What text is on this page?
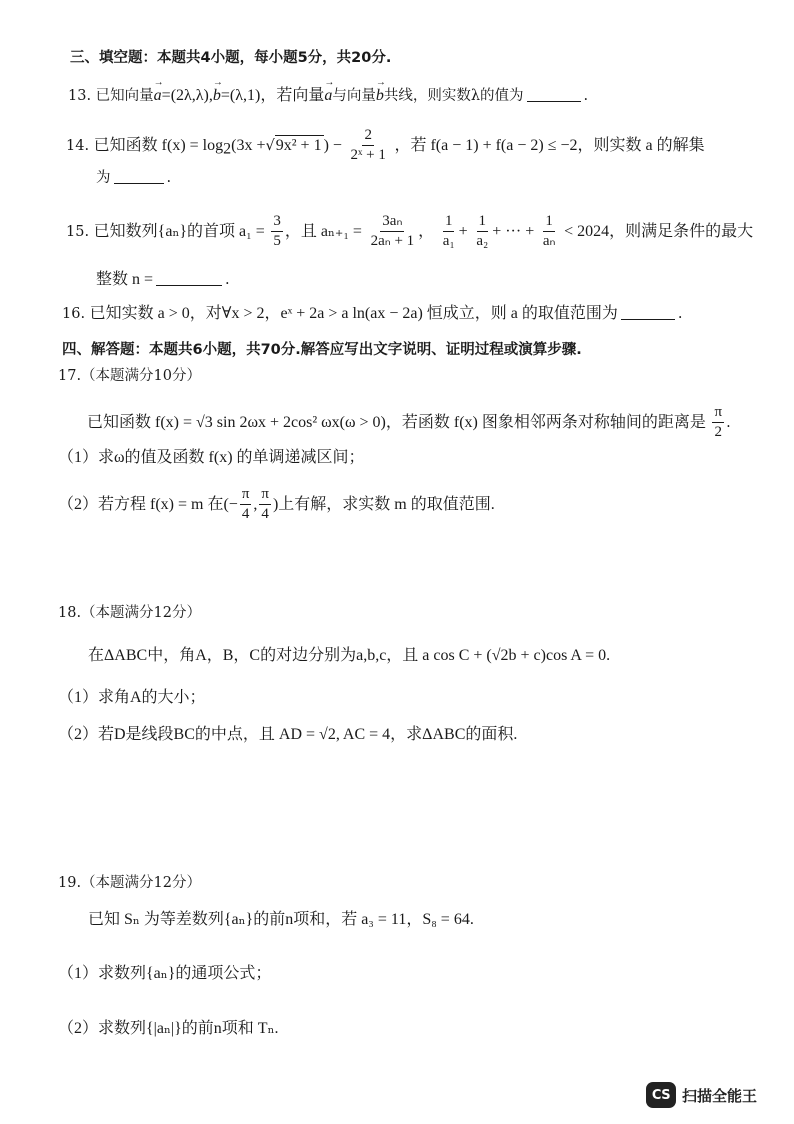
三、填空题：本题共4小题，每小题5分，共20分.
13. 已知向量→ a=(2λ,λ),→ b=(λ,1)，若向量→ a与向量→ b共线，则实数λ的值为	.
14. 已知函数 $f(x) = \log_2(3x +√9x^2 + 1$ ) − $\frac{2}{\text{2ˣ + 1}}$ ，若 f(a − 1) + f(a − 2) ≤ −2，则实数 a 的解集
为	.
15. 已知数列{aₙ}的首项 $a_1 = \frac{3}{5}$ ，且 $a_{n+1} = \frac{\text{3aₙ}}{\text{2aₙ + 1}}$ ， $\frac{1}{\text{a₁}} + \frac{1}{\text{a₂}}$ + ··· + $\frac{1}{\text{aₙ}} < 2024$，则满足条件的最大
整数 n =	.
16. 已知实数 a > 0，对∀x > 2，eˣ + 2a > a ln(ax − 2a) 恒成立，则 a 的取值范围为	.
四、解答题：本题共6小题，共70分.解答应写出文字说明、证明过程或演算步骤.
17.（本题满分10分）
已知函数 f(x) = √3 sin 2ωx + 2cos² ωx(ω > 0)，若函数 f(x) 图象相邻两条对称轴间的距离是 $\frac{\pi}{2}$ .
（1）求ω的值及函数 f(x) 的单调递减区间；
（2）若方程 f(x) = m 在(− $\frac{\pi}{4}$ , $\frac{\pi}{4}$ )上有解，求实数 m 的取值范围.
18.（本题满分12分）
在ΔABC中，角A，B，C的对边分别为a,b,c，且 a cos C + (√2b + c)cos A = 0.
（1）求角A的大小；
（2）若D是线段BC的中点，且 AD = √2, AC = 4，求ΔABC的面积.
19.（本题满分12分）
已知 Sₙ 为等差数列{aₙ}的前n项和，若 a₃ = 11，S₈ = 64.
（1）求数列{aₙ}的通项公式；
（2）求数列{|aₙ|}的前n项和 Tₙ.
CS 扫描全能王
